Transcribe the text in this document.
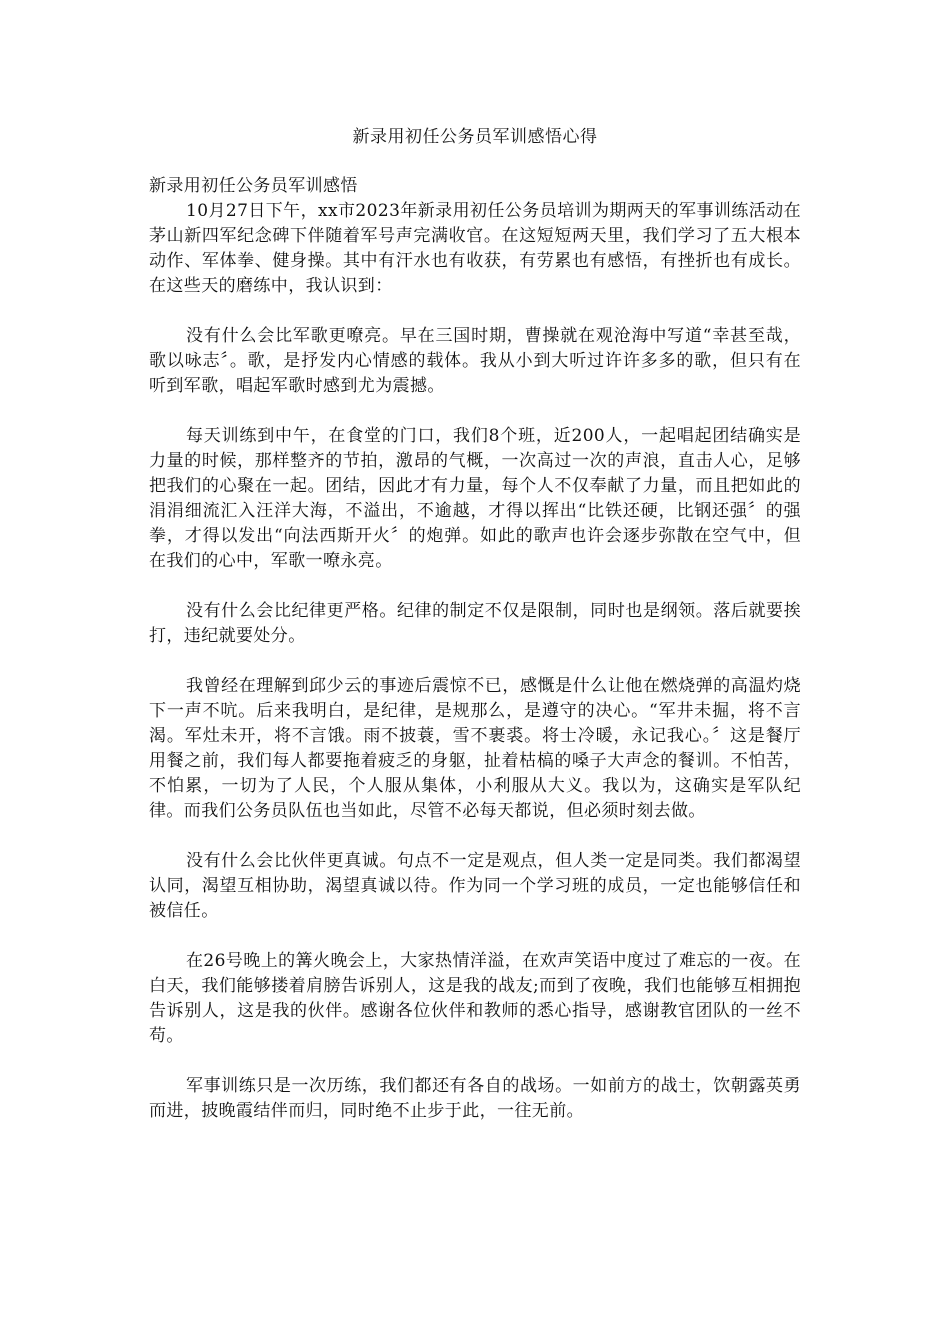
新录用初任公务员军训感悟心得

新录用初任公务员军训感悟

10月27日下午，xx市2023年新录用初任公务员培训为期两天的军事训练活动在茅山新四军纪念碑下伴随着军号声完满收官。在这短短两天里，我们学习了五大根本动作、军体拳、健身操。其中有汗水也有收获，有劳累也有感悟，有挫折也有成长。在这些天的磨练中，我认识到：

没有什么会比军歌更嘹亮。早在三国时期，曹操就在观沧海中写道“幸甚至哉，歌以咏志〞。歌，是抒发内心情感的载体。我从小到大听过许许多多的歌，但只有在听到军歌，唱起军歌时感到尤为震撼。

每天训练到中午，在食堂的门口，我们8个班，近200人，一起唱起团结确实是力量的时候，那样整齐的节拍，激昂的气概，一次高过一次的声浪，直击人心，足够把我们的心聚在一起。团结，因此才有力量，每个人不仅奉献了力量，而且把如此的涓涓细流汇入汪洋大海，不溢出，不逾越，才得以挥出“比铁还硬，比钢还强〞的强拳，才得以发出“向法西斯开火〞的炮弹。如此的歌声也许会逐步弥散在空气中，但在我们的心中，军歌一嘹永亮。

没有什么会比纪律更严格。纪律的制定不仅是限制，同时也是纲领。落后就要挨打，违纪就要处分。

我曾经在理解到邱少云的事迹后震惊不已，感慨是什么让他在燃烧弹的高温灼烧下一声不吭。后来我明白，是纪律，是规那么，是遵守的决心。“军井未掘，将不言渴。军灶未开，将不言饿。雨不披蓑，雪不裹裘。将士冷暖，永记我心。〞这是餐厅用餐之前，我们每人都要拖着疲乏的身躯，扯着枯槁的嗓子大声念的餐训。不怕苦，不怕累，一切为了人民，个人服从集体，小利服从大义。我以为，这确实是军队纪律。而我们公务员队伍也当如此，尽管不必每天都说，但必须时刻去做。

没有什么会比伙伴更真诚。句点不一定是观点，但人类一定是同类。我们都渴望认同，渴望互相协助，渴望真诚以待。作为同一个学习班的成员，一定也能够信任和被信任。

在26号晚上的篝火晚会上，大家热情洋溢，在欢声笑语中度过了难忘的一夜。在白天，我们能够搂着肩膀告诉别人，这是我的战友;而到了夜晚，我们也能够互相拥抱告诉别人，这是我的伙伴。感谢各位伙伴和教师的悉心指导，感谢教官团队的一丝不苟。

军事训练只是一次历练，我们都还有各自的战场。一如前方的战士，饮朝露英勇而进，披晚霞结伴而归，同时绝不止步于此，一往无前。
